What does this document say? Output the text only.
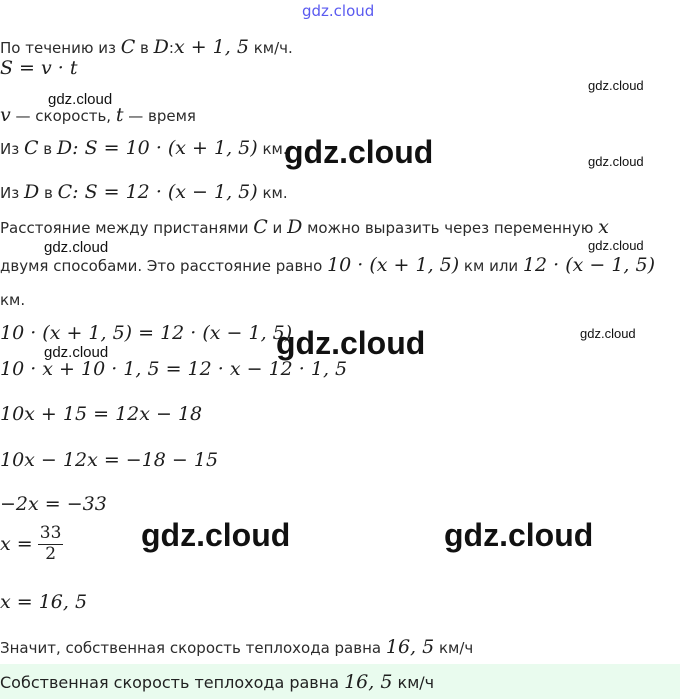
gdz.cloud
По течению из C в D:x + 1, 5 км/ч.
S = v · t
v — скорость, t — время
Из C в D: S = 10 · (x + 1, 5) км.
Из D в C: S = 12 · (x − 1, 5) км.
Расстояние между пристанями C и D можно выразить через переменную x
двумя способами. Это расстояние равно 10 · (x + 1, 5) км или 12 · (x − 1, 5)
км.
10 · (x + 1, 5) = 12 · (x − 1, 5)
10 · x + 10 · 1, 5 = 12 · x − 12 · 1, 5
10x + 15 = 12x − 18
10x − 12x = −18 − 15
−2x = −33
$x = \frac{33}{2}$
x = 16, 5
Значит, собственная скорость теплохода равна 16, 5 км/ч
Собственная скорость теплохода равна 16, 5 км/ч
gdz.cloud
gdz.cloud
gdz.cloud	gdz.cloud
gdz.cloud	gdz.cloud
gdz.cloud
gdz.cloud
gdz.cloud
gdz.cloud	gdz.cloud
